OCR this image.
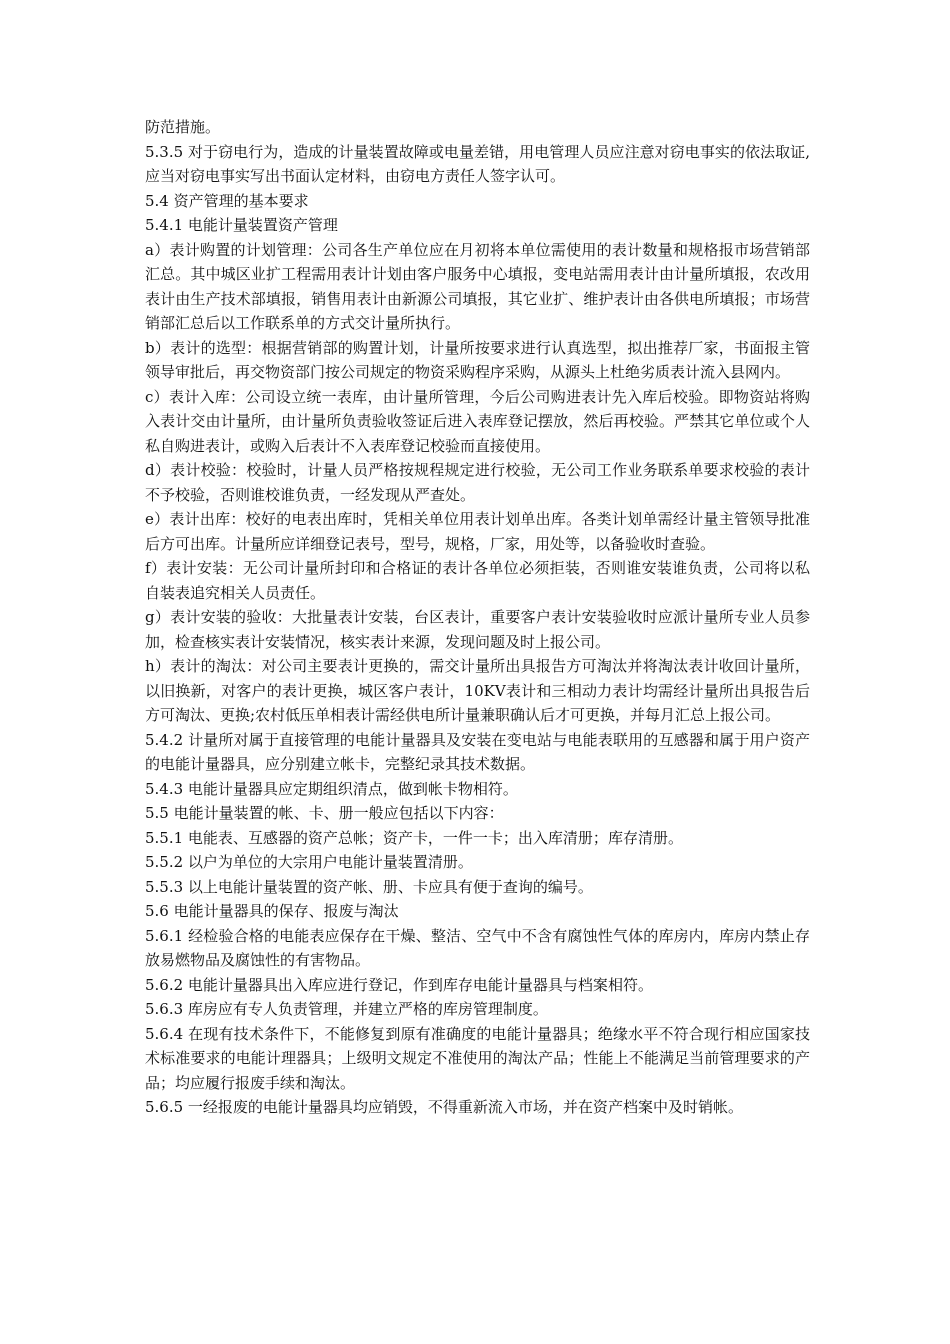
防范措施。

5.3.5 对于窃电行为，造成的计量装置故障或电量差错，用电管理人员应注意对窃电事实的依法取证,应当对窃电事实写出书面认定材料，由窃电方责任人签字认可。

5.4 资产管理的基本要求

5.4.1 电能计量装置资产管理

a）表计购置的计划管理：公司各生产单位应在月初将本单位需使用的表计数量和规格报市场营销部汇总。其中城区业扩工程需用表计计划由客户服务中心填报，变电站需用表计由计量所填报，农改用表计由生产技术部填报，销售用表计由新源公司填报，其它业扩、维护表计由各供电所填报；市场营销部汇总后以工作联系单的方式交计量所执行。

b）表计的选型：根据营销部的购置计划，计量所按要求进行认真选型，拟出推荐厂家，书面报主管领导审批后，再交物资部门按公司规定的物资采购程序采购，从源头上杜绝劣质表计流入县网内。

c）表计入库：公司设立统一表库，由计量所管理，今后公司购进表计先入库后校验。即物资站将购入表计交由计量所，由计量所负责验收签证后进入表库登记摆放，然后再校验。严禁其它单位或个人私自购进表计，或购入后表计不入表库登记校验而直接使用。

d）表计校验：校验时，计量人员严格按规程规定进行校验，无公司工作业务联系单要求校验的表计不予校验，否则谁校谁负责，一经发现从严查处。

e）表计出库：校好的电表出库时，凭相关单位用表计划单出库。各类计划单需经计量主管领导批准后方可出库。计量所应详细登记表号，型号，规格，厂家，用处等，以备验收时查验。

f）表计安装：无公司计量所封印和合格证的表计各单位必须拒装，否则谁安装谁负责，公司将以私自装表追究相关人员责任。

g）表计安装的验收：大批量表计安装，台区表计，重要客户表计安装验收时应派计量所专业人员参加，检查核实表计安装情况，核实表计来源，发现问题及时上报公司。

h）表计的淘汰：对公司主要表计更换的，需交计量所出具报告方可淘汰并将淘汰表计收回计量所，以旧换新，对客户的表计更换，城区客户表计，10KV表计和三相动力表计均需经计量所出具报告后方可淘汰、更换;农村低压单相表计需经供电所计量兼职确认后才可更换，并每月汇总上报公司。

5.4.2 计量所对属于直接管理的电能计量器具及安装在变电站与电能表联用的互感器和属于用户资产的电能计量器具，应分别建立帐卡，完整纪录其技术数据。

5.4.3 电能计量器具应定期组织清点，做到帐卡物相符。

5.5 电能计量装置的帐、卡、册一般应包括以下内容：

5.5.1 电能表、互感器的资产总帐；资产卡，一件一卡；出入库清册；库存清册。

5.5.2 以户为单位的大宗用户电能计量装置清册。

5.5.3 以上电能计量装置的资产帐、册、卡应具有便于查询的编号。

5.6 电能计量器具的保存、报废与淘汰

5.6.1 经检验合格的电能表应保存在干燥、整洁、空气中不含有腐蚀性气体的库房内，库房内禁止存放易燃物品及腐蚀性的有害物品。

5.6.2 电能计量器具出入库应进行登记，作到库存电能计量器具与档案相符。

5.6.3 库房应有专人负责管理，并建立严格的库房管理制度。

5.6.4 在现有技术条件下，不能修复到原有准确度的电能计量器具；绝缘水平不符合现行相应国家技术标准要求的电能计理器具；上级明文规定不准使用的淘汰产品；性能上不能满足当前管理要求的产品；均应履行报废手续和淘汰。

5.6.5 一经报废的电能计量器具均应销毁，不得重新流入市场，并在资产档案中及时销帐。
